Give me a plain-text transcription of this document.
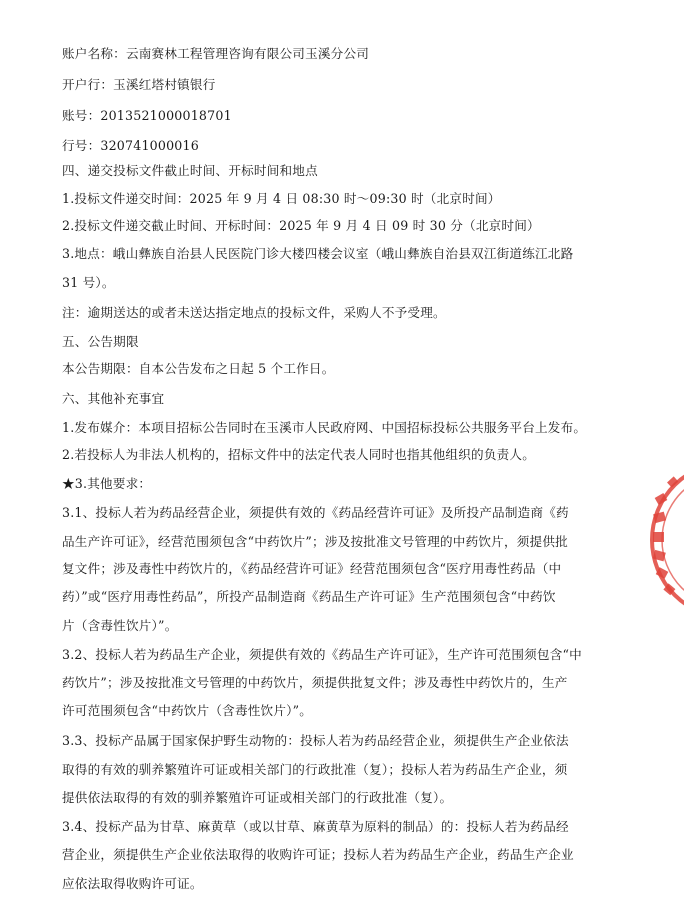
账户名称：云南赛林工程管理咨询有限公司玉溪分公司
开户行：玉溪红塔村镇银行
账号：2013521000018701
行号：320741000016
四、递交投标文件截止时间、开标时间和地点
1.投标文件递交时间：2025 年 9 月 4 日 08:30 时～09:30 时（北京时间）
2.投标文件递交截止时间、开标时间：2025 年 9 月 4 日 09 时 30 分（北京时间）
3.地点：峨山彝族自治县人民医院门诊大楼四楼会议室（峨山彝族自治县双江街道练江北路
31 号）。
注：逾期送达的或者未送达指定地点的投标文件，采购人不予受理。
五、公告期限
本公告期限：自本公告发布之日起 5 个工作日。
六、其他补充事宜
1.发布媒介：本项目招标公告同时在玉溪市人民政府网、中国招标投标公共服务平台上发布。
2.若投标人为非法人机构的，招标文件中的法定代表人同时也指其他组织的负责人。
★3.其他要求：
3.1、投标人若为药品经营企业，须提供有效的《药品经营许可证》及所投产品制造商《药
品生产许可证》，经营范围须包含“中药饮片”；涉及按批准文号管理的中药饮片，须提供批
复文件；涉及毒性中药饮片的，《药品经营许可证》经营范围须包含“医疗用毒性药品（中
药）”或“医疗用毒性药品”，所投产品制造商《药品生产许可证》生产范围须包含“中药饮
片（含毒性饮片）”。
3.2、投标人若为药品生产企业，须提供有效的《药品生产许可证》，生产许可范围须包含“中
药饮片”；涉及按批准文号管理的中药饮片，须提供批复文件；涉及毒性中药饮片的，生产
许可范围须包含“中药饮片（含毒性饮片）”。
3.3、投标产品属于国家保护野生动物的：投标人若为药品经营企业，须提供生产企业依法
取得的有效的驯养繁殖许可证或相关部门的行政批准（复）；投标人若为药品生产企业，须
提供依法取得的有效的驯养繁殖许可证或相关部门的行政批准（复）。
3.4、投标产品为甘草、麻黄草（或以甘草、麻黄草为原料的制品）的：投标人若为药品经
营企业，须提供生产企业依法取得的收购许可证；投标人若为药品生产企业，药品生产企业
应依法取得收购许可证。
